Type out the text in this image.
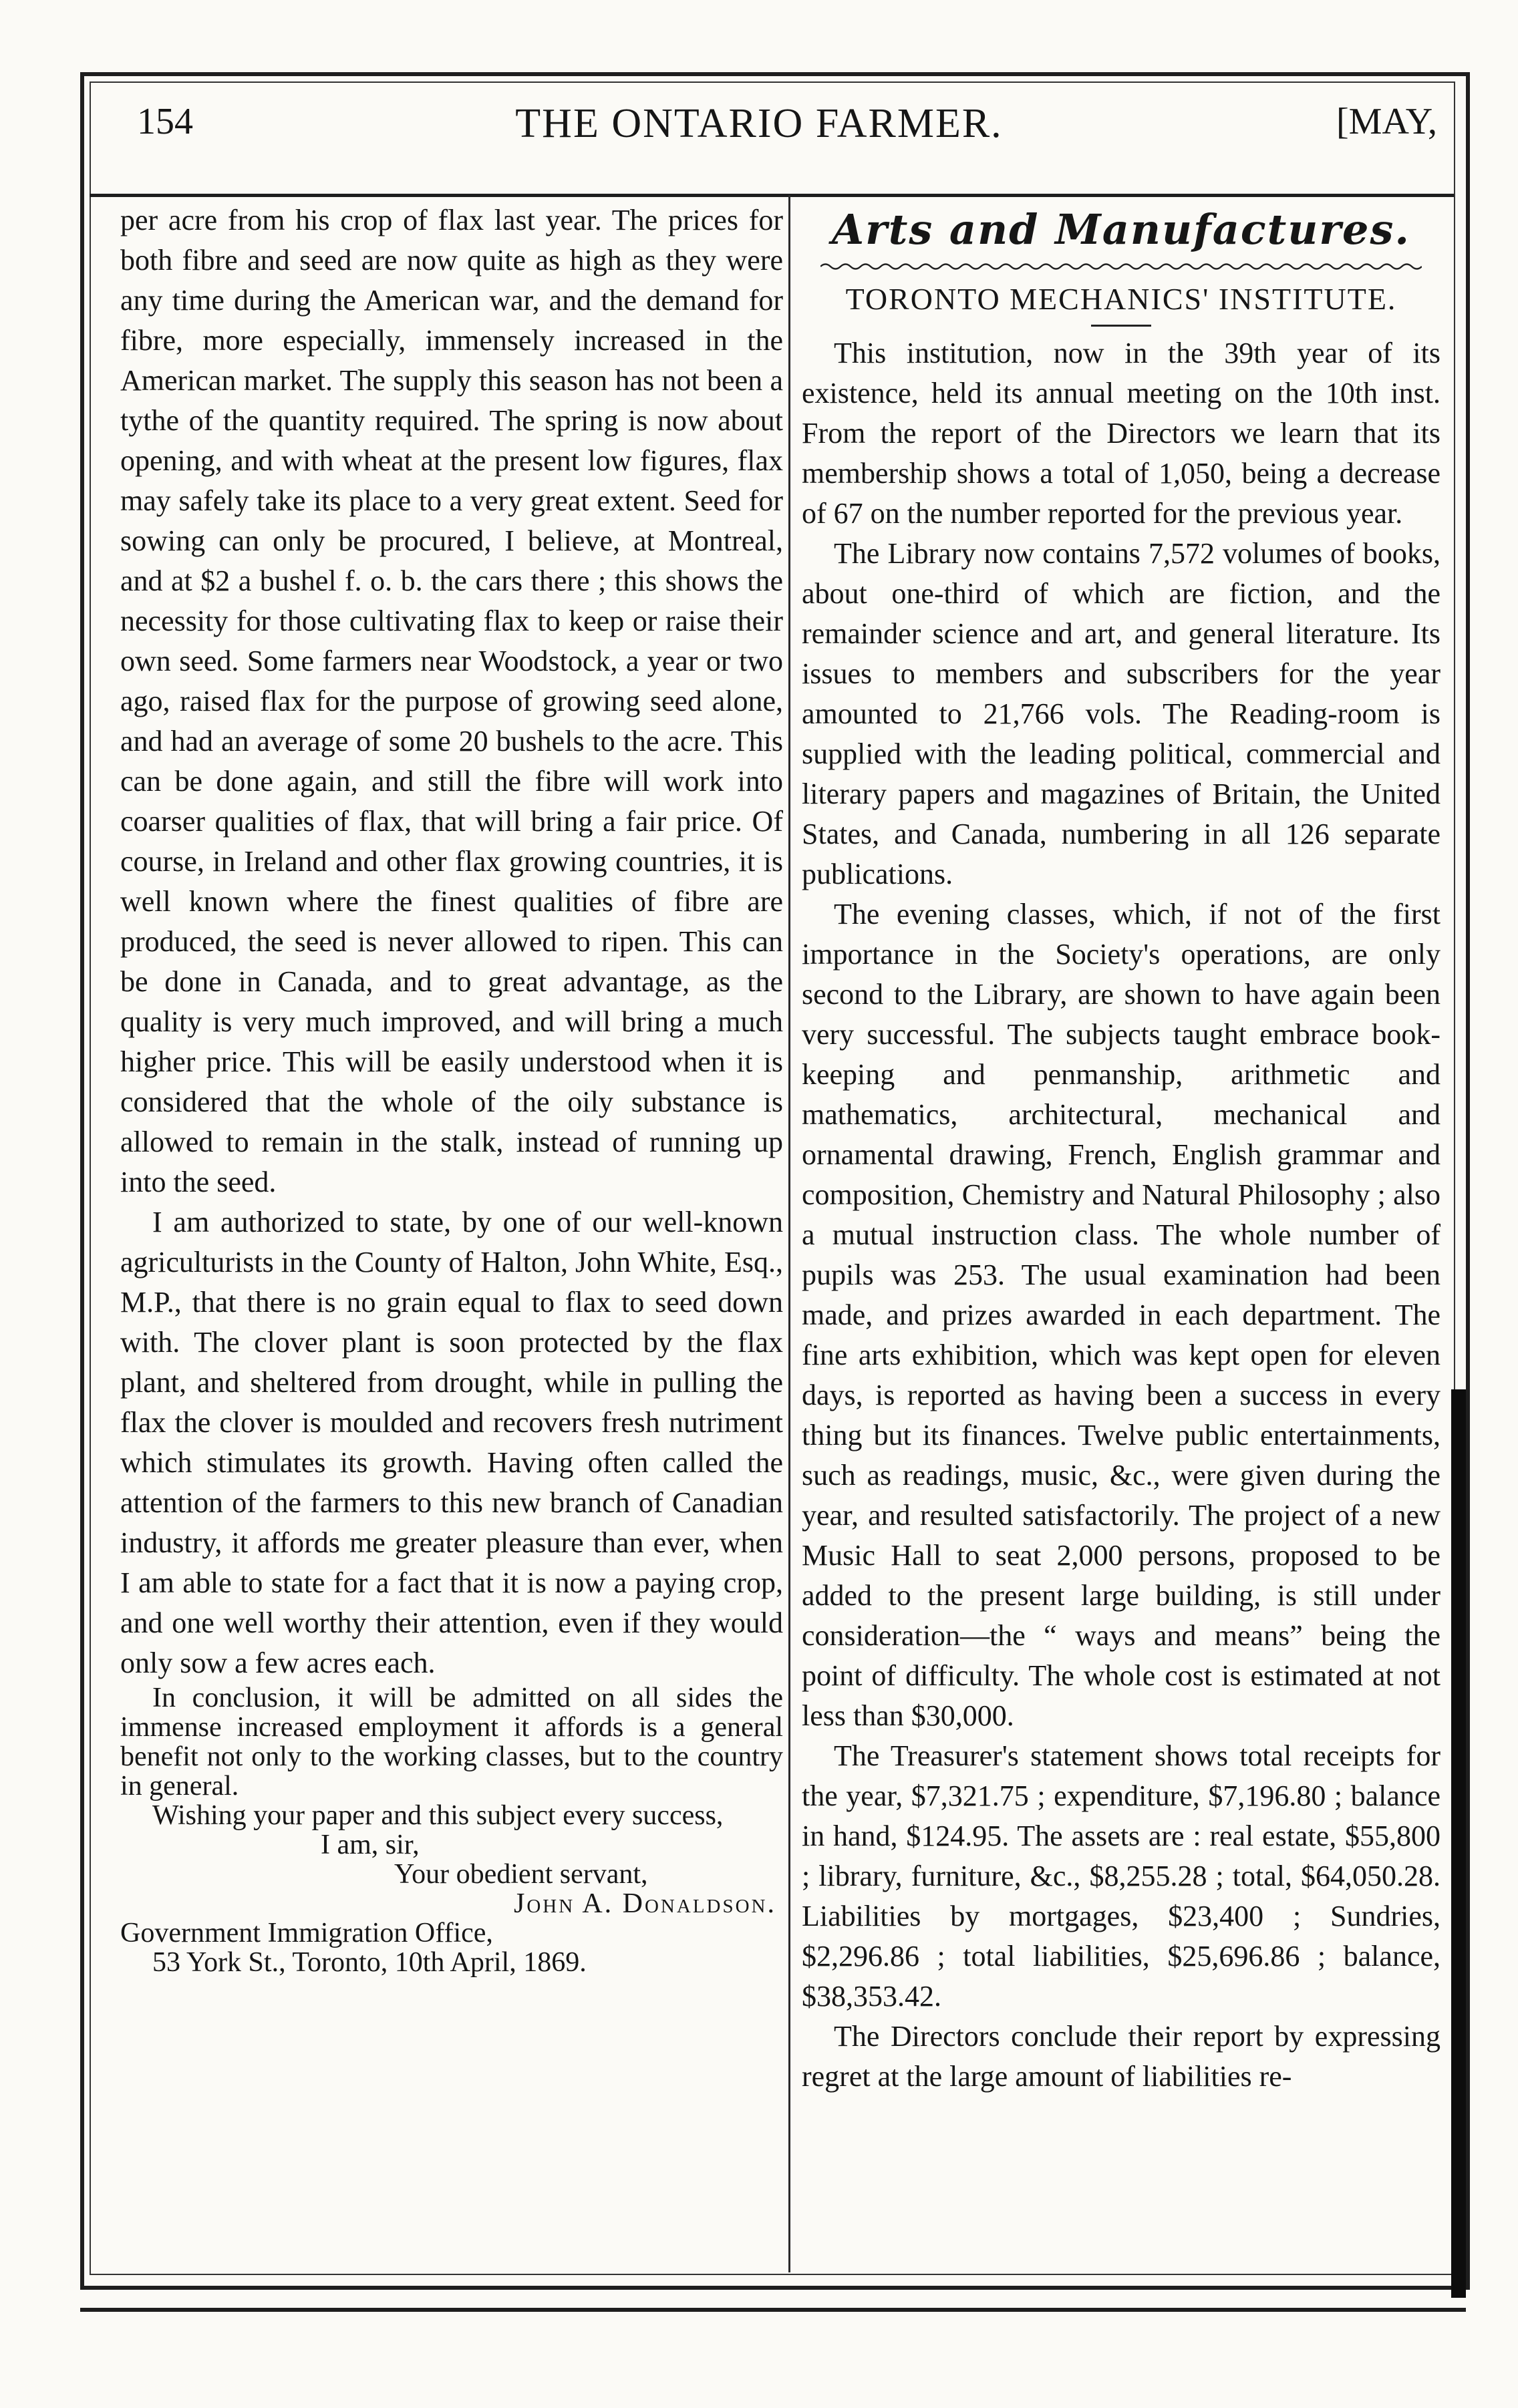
154	THE ONTARIO FARMER.	[MAY,

per acre from his crop of flax last year. The prices for both fibre and seed are now quite as high as they were any time during the American war, and the demand for fibre, more especially, immensely increased in the American market. The supply this season has not been a tythe of the quantity required. The spring is now about opening, and with wheat at the present low figures, flax may safely take its place to a very great extent. Seed for sowing can only be procured, I believe, at Montreal, and at $2 a bushel f. o. b. the cars there ; this shows the necessity for those cultivating flax to keep or raise their own seed. Some farmers near Woodstock, a year or two ago, raised flax for the purpose of growing seed alone, and had an average of some 20 bushels to the acre. This can be done again, and still the fibre will work into coarser qualities of flax, that will bring a fair price. Of course, in Ireland and other flax growing countries, it is well known where the finest qualities of fibre are produced, the seed is never allowed to ripen. This can be done in Canada, and to great advantage, as the quality is very much improved, and will bring a much higher price. This will be easily understood when it is considered that the whole of the oily substance is allowed to remain in the stalk, instead of running up into the seed.

I am authorized to state, by one of our well-known agriculturists in the County of Halton, John White, Esq., M.P., that there is no grain equal to flax to seed down with. The clover plant is soon protected by the flax plant, and sheltered from drought, while in pulling the flax the clover is moulded and recovers fresh nutriment which stimulates its growth. Having often called the attention of the farmers to this new branch of Canadian industry, it affords me greater pleasure than ever, when I am able to state for a fact that it is now a paying crop, and one well worthy their attention, even if they would only sow a few acres each.

In conclusion, it will be admitted on all sides the immense increased employment it affords is a general benefit not only to the working classes, but to the country in general.

Wishing your paper and this subject every success,

I am, sir,
Your obedient servant,
John A. Donaldson.
Government Immigration Office,
53 York St., Toronto, 10th April, 1869.
Arts and Manufactures.
TORONTO MECHANICS' INSTITUTE.

This institution, now in the 39th year of its existence, held its annual meeting on the 10th inst. From the report of the Directors we learn that its membership shows a total of 1,050, being a decrease of 67 on the number reported for the previous year.

The Library now contains 7,572 volumes of books, about one-third of which are fiction, and the remainder science and art, and general literature. Its issues to members and subscribers for the year amounted to 21,766 vols. The Reading-room is supplied with the leading political, commercial and literary papers and magazines of Britain, the United States, and Canada, numbering in all 126 separate publications.

The evening classes, which, if not of the first importance in the Society's operations, are only second to the Library, are shown to have again been very successful. The subjects taught embrace book-keeping and penmanship, arithmetic and mathematics, architectural, mechanical and ornamental drawing, French, English grammar and composition, Chemistry and Natural Philosophy ; also a mutual instruction class. The whole number of pupils was 253. The usual examination had been made, and prizes awarded in each department. The fine arts exhibition, which was kept open for eleven days, is reported as having been a success in every thing but its finances. Twelve public entertainments, such as readings, music, &c., were given during the year, and resulted satisfactorily. The project of a new Music Hall to seat 2,000 persons, proposed to be added to the present large building, is still under consideration—the “ ways and means” being the point of difficulty. The whole cost is estimated at not less than $30,000.

The Treasurer's statement shows total receipts for the year, $7,321.75 ; expenditure, $7,196.80 ; balance in hand, $124.95. The assets are : real estate, $55,800 ; library, furniture, &c., $8,255.28 ; total, $64,050.28. Liabilities by mortgages, $23,400 ; Sundries, $2,296.86 ; total liabilities, $25,696.86 ; balance, $38,353.42.

The Directors conclude their report by expressing regret at the large amount of liabilities re-
